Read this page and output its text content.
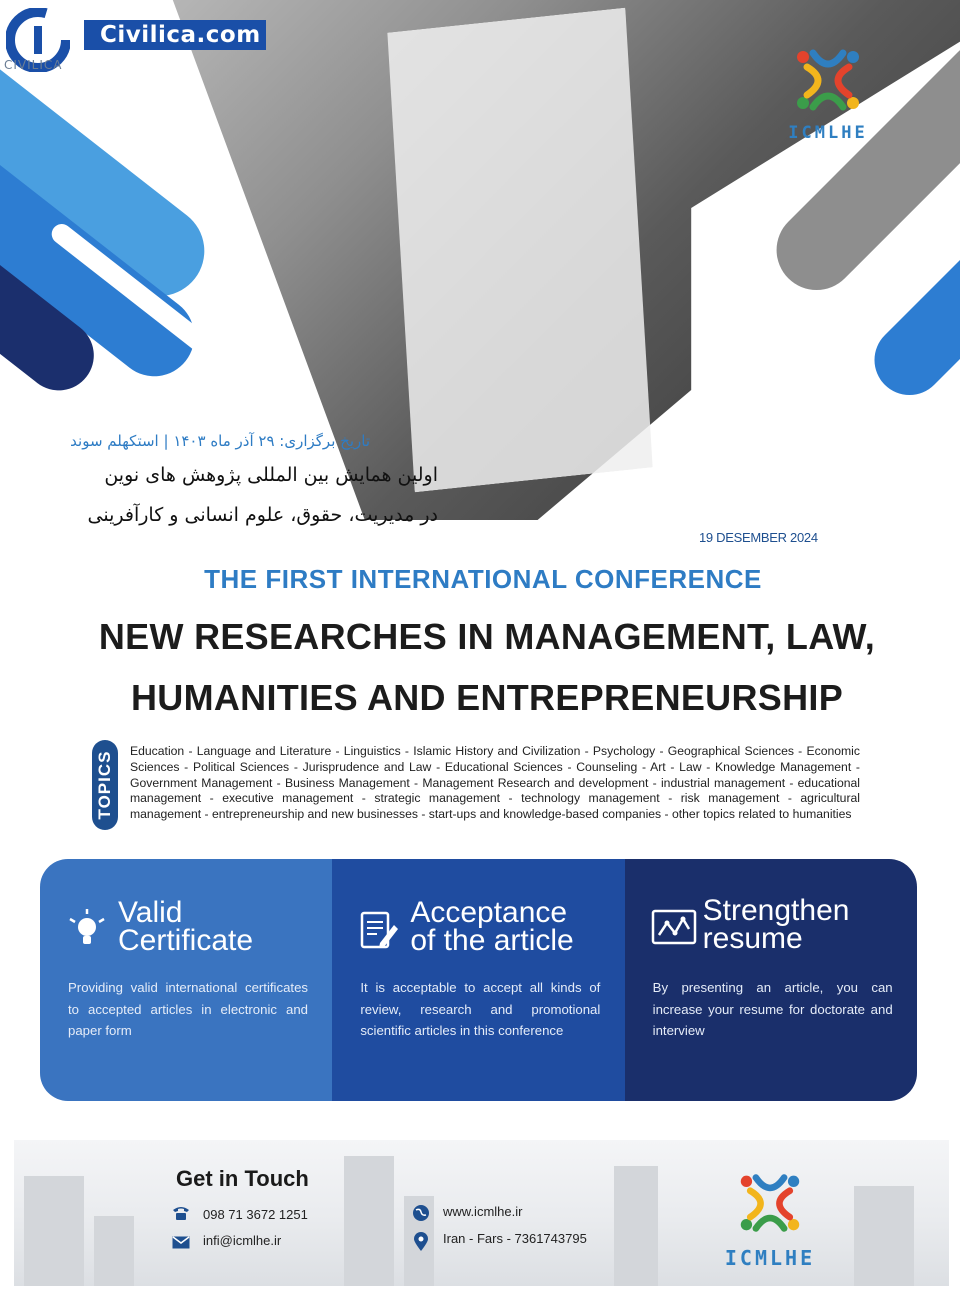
Civilica.com
CIVILICA
ICMLHE
تاریخ برگزاری: ۲۹ آذر ماه ۱۴۰۳ | استکهلم سوند
اولین همایش بین المللی پژوهش های نوین
در مدیریت، حقوق، علوم انسانی و کارآفرینی
19 DESEMBER 2024
THE FIRST INTERNATIONAL CONFERENCE
NEW RESEARCHES IN MANAGEMENT, LAW,
HUMANITIES AND ENTREPRENEURSHIP
TOPICS Education - Language and Literature - Linguistics - Islamic History and Civilization - Psychology - Geographical Sciences - Economic Sciences - Political Sciences - Jurisprudence and Law - Educational Sciences - Counseling - Art - Law - Knowledge Management - Government Management - Business Management - Management Research and development - industrial management - educational management - executive management - strategic management - technology management - risk management - agricultural management - entrepreneurship and new businesses - start-ups and knowledge-based companies - other topics related to humanities
Valid
Certificate
Providing valid international certificates to accepted articles in electronic and paper form
Acceptance
of the article
It is acceptable to accept all kinds of review, research and promotional scientific articles in this conference
Strengthen
resume
By presenting an article, you can increase your resume for doctorate and interview
Get in Touch
098 71 3672 1251
infi@icmlhe.ir
www.icmlhe.ir
Iran - Fars - 7361743795
ICMLHE
